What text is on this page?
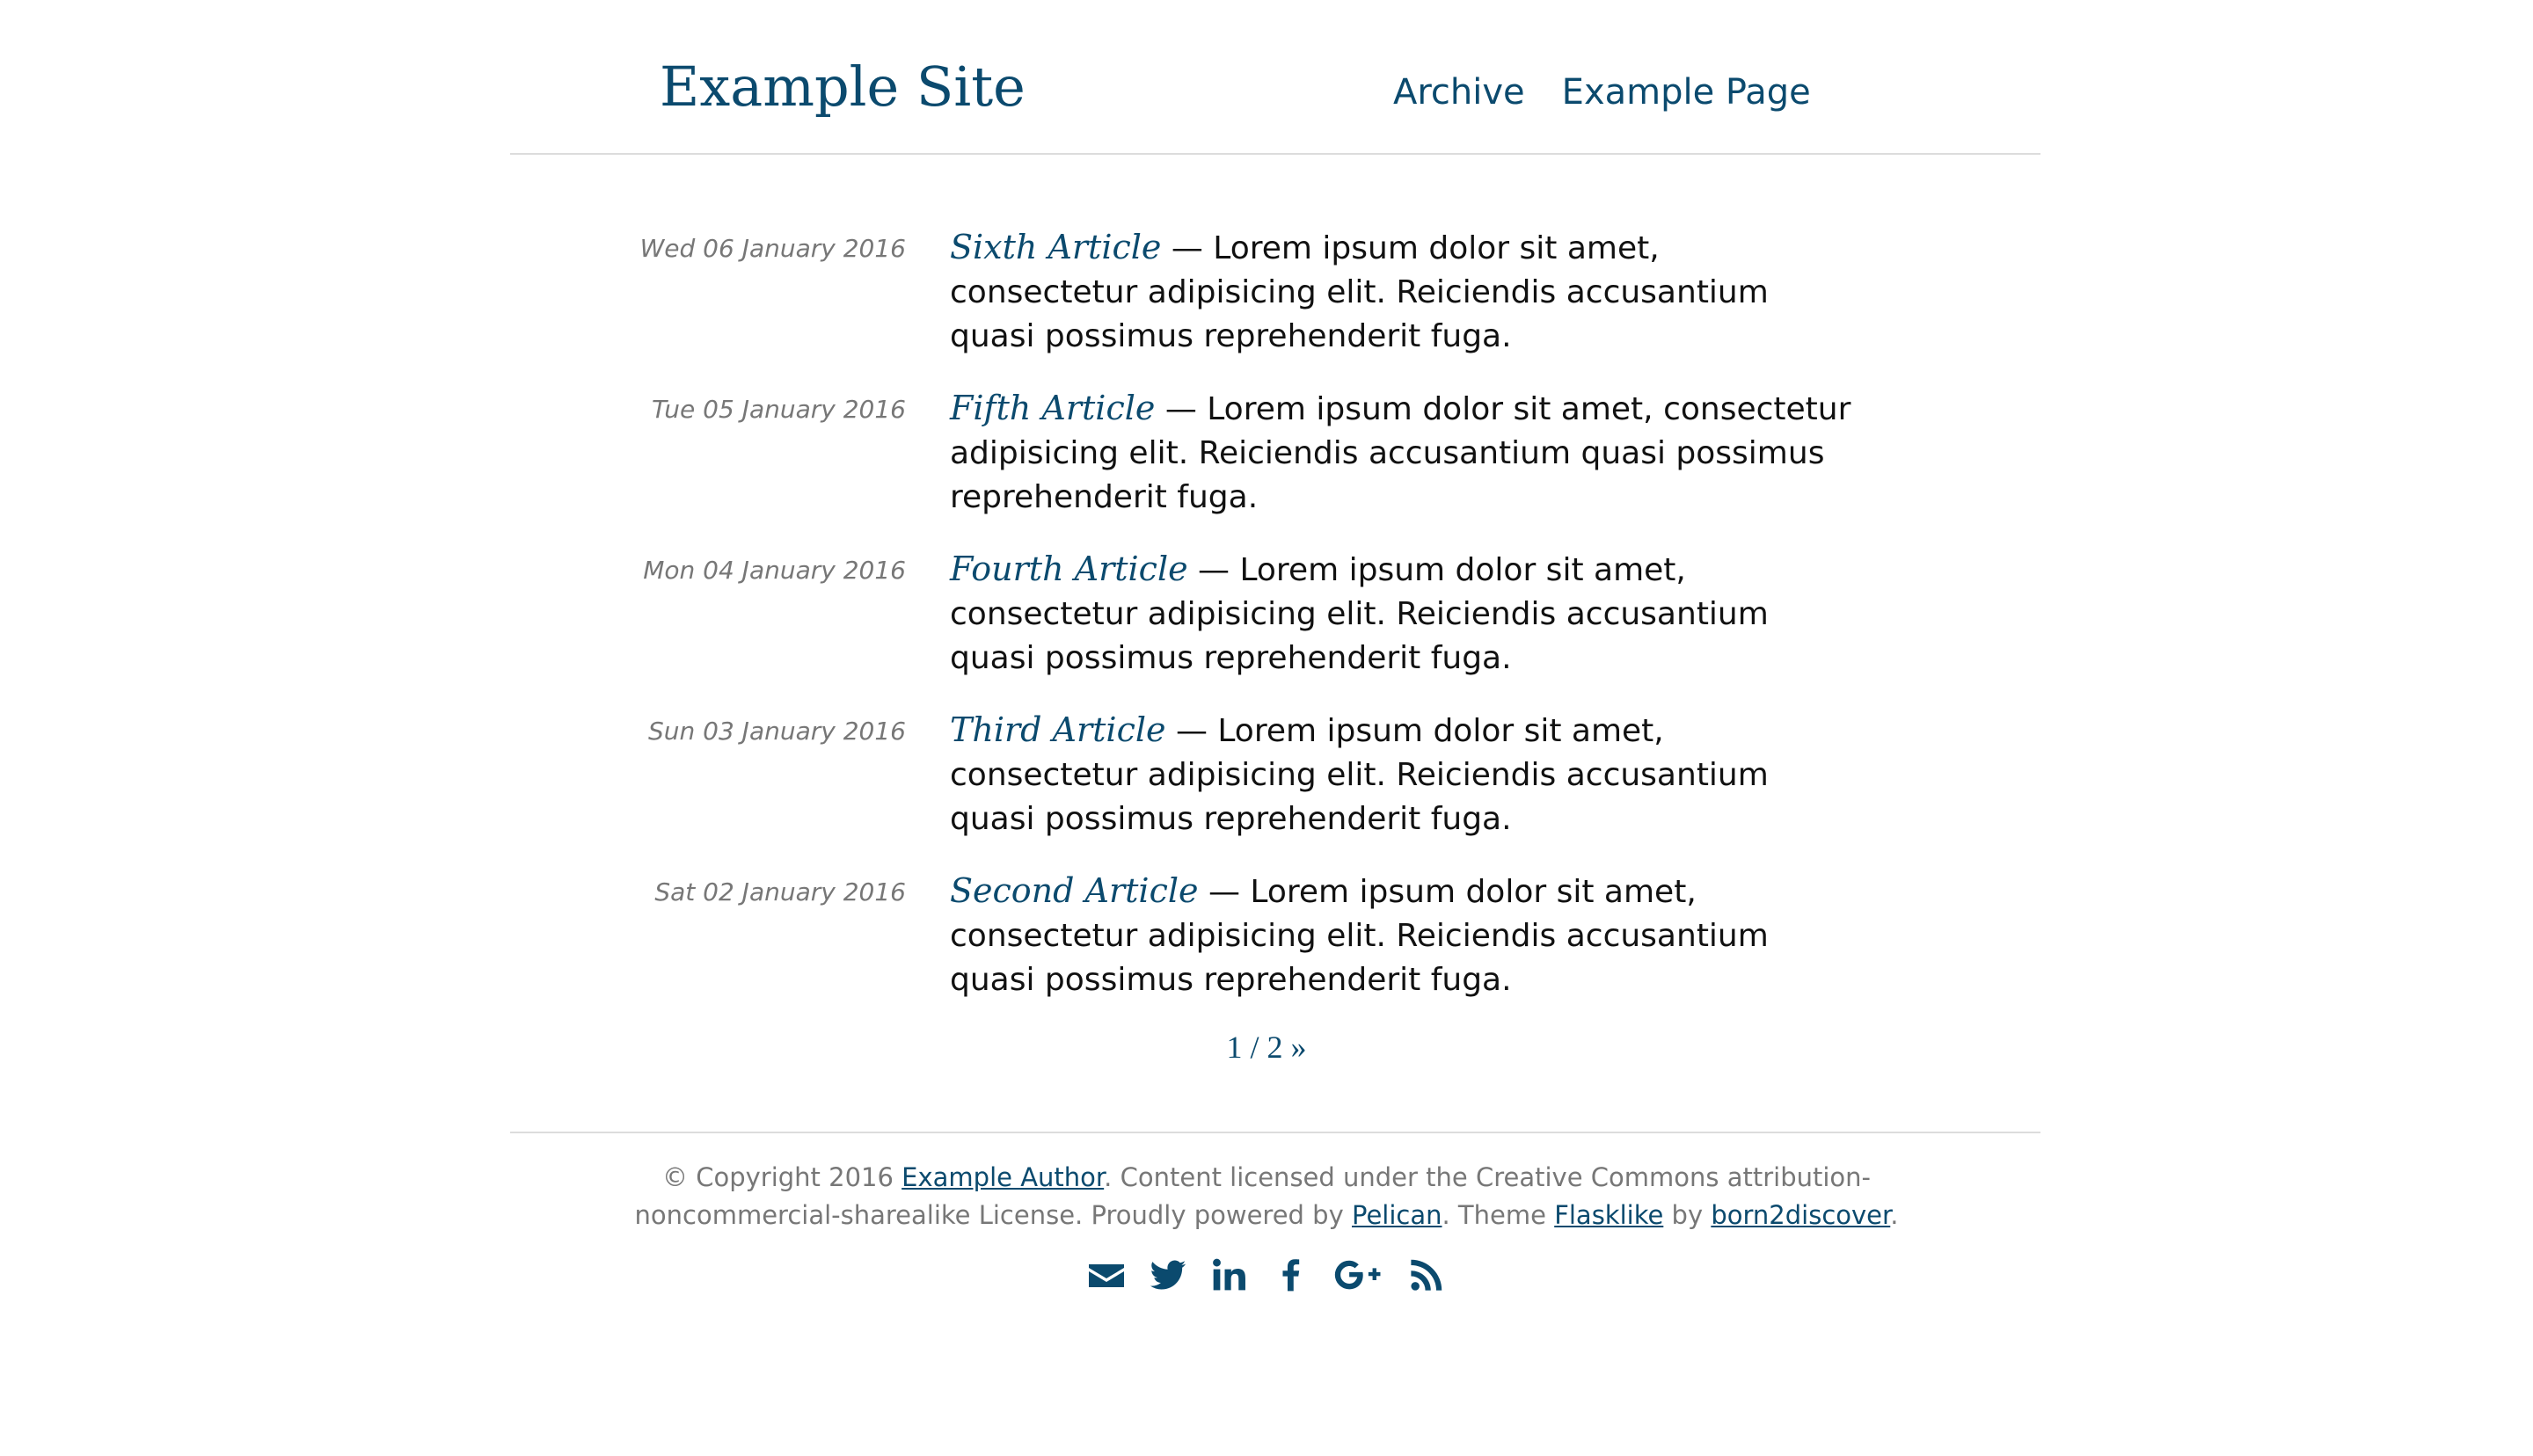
Example Site	Archive Example Page
Wed 06 January 2016 Sixth Article — Lorem ipsum dolor sit amet, consectetur adipisicing elit. Reiciendis accusantium quasi possimus reprehenderit fuga.
Tue 05 January 2016 Fifth Article — Lorem ipsum dolor sit amet, consectetur adipisicing elit. Reiciendis accusantium quasi possimus reprehenderit fuga.
Mon 04 January 2016 Fourth Article — Lorem ipsum dolor sit amet, consectetur adipisicing elit. Reiciendis accusantium quasi possimus reprehenderit fuga.
Sun 03 January 2016 Third Article — Lorem ipsum dolor sit amet, consectetur adipisicing elit. Reiciendis accusantium quasi possimus reprehenderit fuga.
Sat 02 January 2016 Second Article — Lorem ipsum dolor sit amet, consectetur adipisicing elit. Reiciendis accusantium quasi possimus reprehenderit fuga.
1 / 2 »
© Copyright 2016 Example Author. Content licensed under the Creative Commons attribution-noncommercial-sharealike License. Proudly powered by Pelican. Theme Flasklike by born2discover.
